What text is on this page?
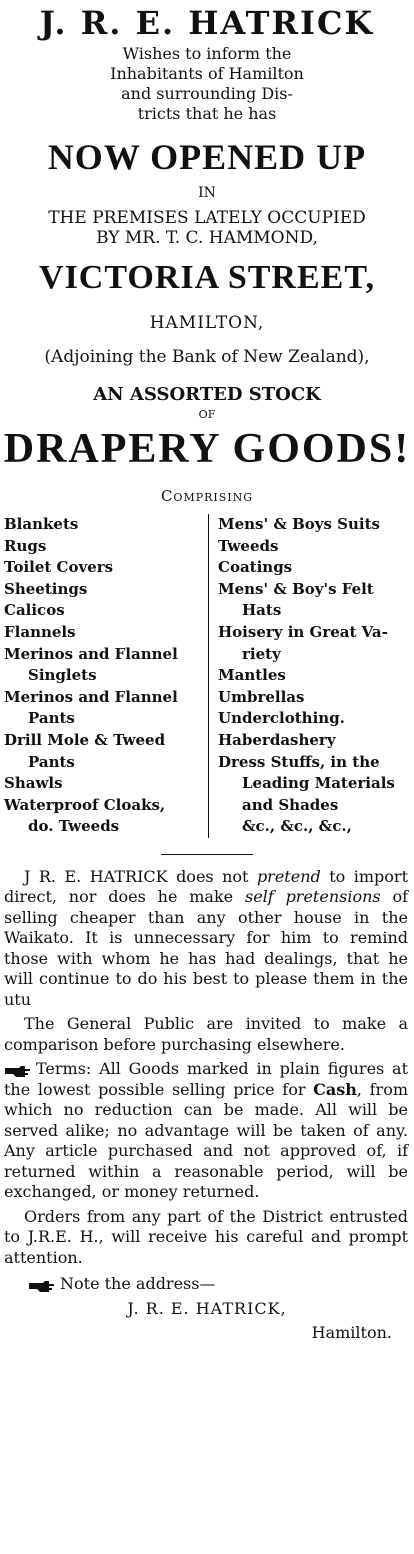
J. R. E. HATRICK
Wishes to inform the
Inhabitants of Hamilton
and surrounding Dis-
tricts that he has
NOW OPENED UP
IN
THE PREMISES LATELY OCCUPIED
BY MR. T. C. HAMMOND,
VICTORIA STREET,
HAMILTON,
(Adjoining the Bank of New Zealand),
AN ASSORTED STOCK
OF
DRAPERY GOODS!
Comprising
Blankets
Rugs
Toilet Covers
Sheetings
Calicos
Flannels
Merinos and Flannel
Singlets
Merinos and Flannel
Pants
Drill Mole & Tweed
Pants
Shawls
Waterproof Cloaks,
do. Tweeds
Mens' & Boys Suits
Tweeds
Coatings
Mens' & Boy's Felt
Hats
Hoisery in Great Va-
riety
Mantles
Umbrellas
Underclothing.
Haberdashery
Dress Stuffs, in the
Leading Materials
and Shades
&c., &c., &c.,
J R. E. HATRICK does not pretend to import direct, nor does he make self pretensions of selling cheaper than any other house in the Waikato. It is unnecessary for him to remind those with whom he has had dealings, that he will continue to do his best to please them in the utu
The General Public are invited to make a comparison before purchasing elsewhere.
Terms: All Goods marked in plain figures at the lowest possible selling price for Cash, from which no reduction can be made. All will be served alike; no advantage will be taken of any. Any article purchased and not approved of, if returned within a reasonable period, will be exchanged, or money returned.
Orders from any part of the District entrusted to J.R.E. H., will receive his careful and prompt attention.
Note the address—
J. R. E. HATRICK,
Hamilton.
